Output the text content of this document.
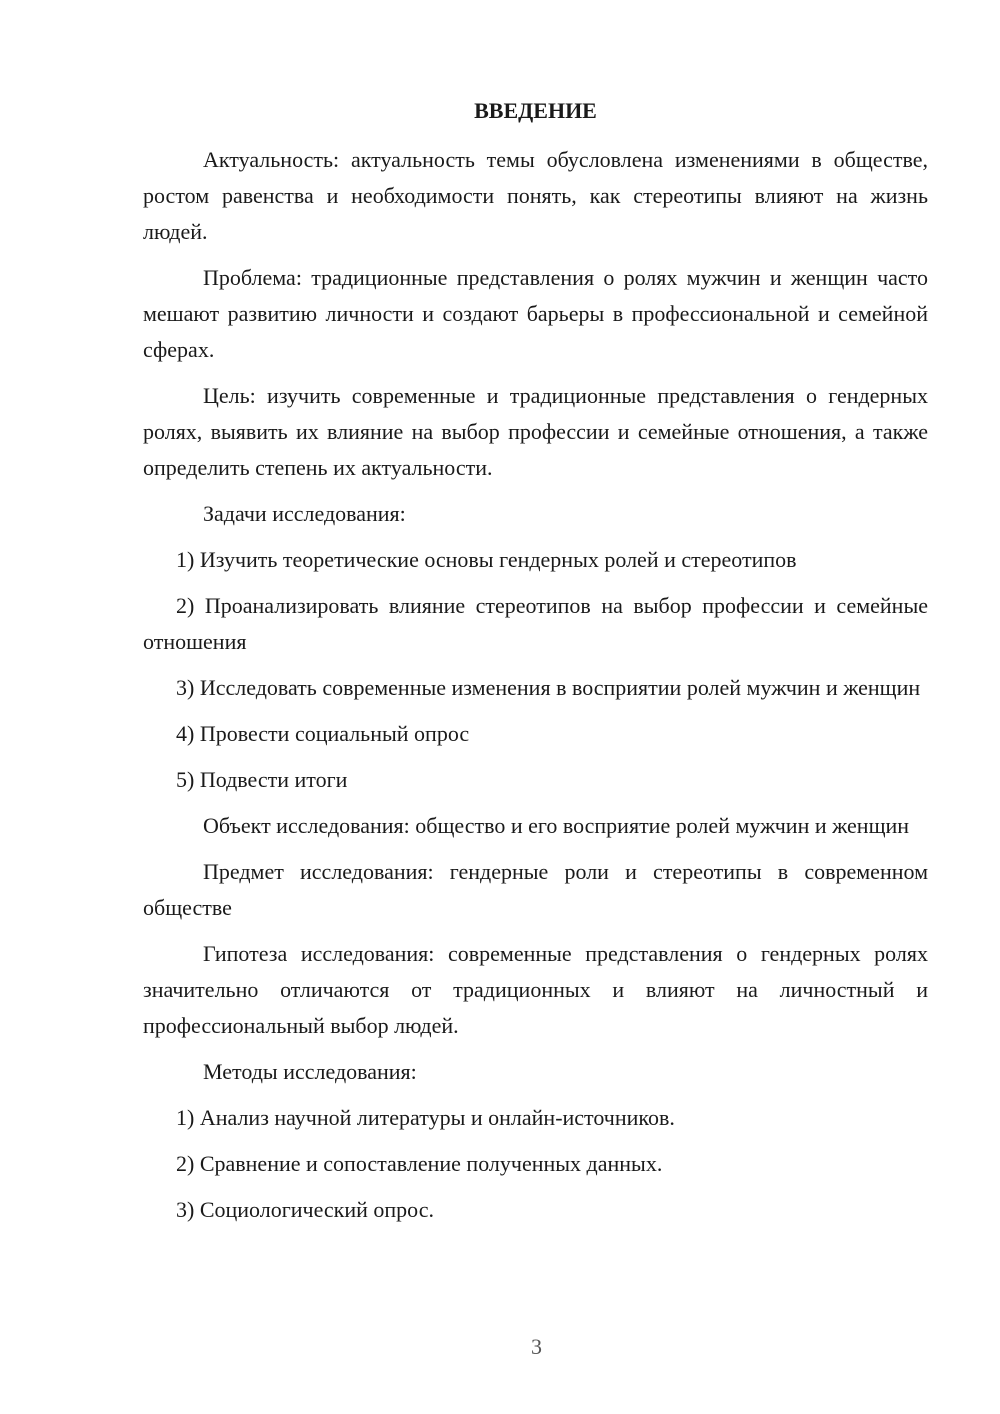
ВВЕДЕНИЕ

Актуальность: актуальность темы обусловлена изменениями в обществе, ростом равенства и необходимости понять, как стереотипы влияют на жизнь людей.

Проблема: традиционные представления о ролях мужчин и женщин часто мешают развитию личности и создают барьеры в профессиональной и семейной сферах.

Цель: изучить современные и традиционные представления о гендерных ролях, выявить их влияние на выбор профессии и семейные отношения, а также определить степень их актуальности.

Задачи исследования:

1) Изучить теоретические основы гендерных ролей и стереотипов

2) Проанализировать влияние стереотипов на выбор профессии и семейные отношения

3) Исследовать современные изменения в восприятии ролей мужчин и женщин

4) Провести социальный опрос

5) Подвести итоги

Объект исследования: общество и его восприятие ролей мужчин и женщин

Предмет исследования: гендерные роли и стереотипы в современном обществе

Гипотеза исследования: современные представления о гендерных ролях значительно отличаются от традиционных и влияют на личностный и профессиональный выбор людей.

Методы исследования:

1) Анализ научной литературы и онлайн-источников.

2) Сравнение и сопоставление полученных данных.

3) Социологический опрос.

3
